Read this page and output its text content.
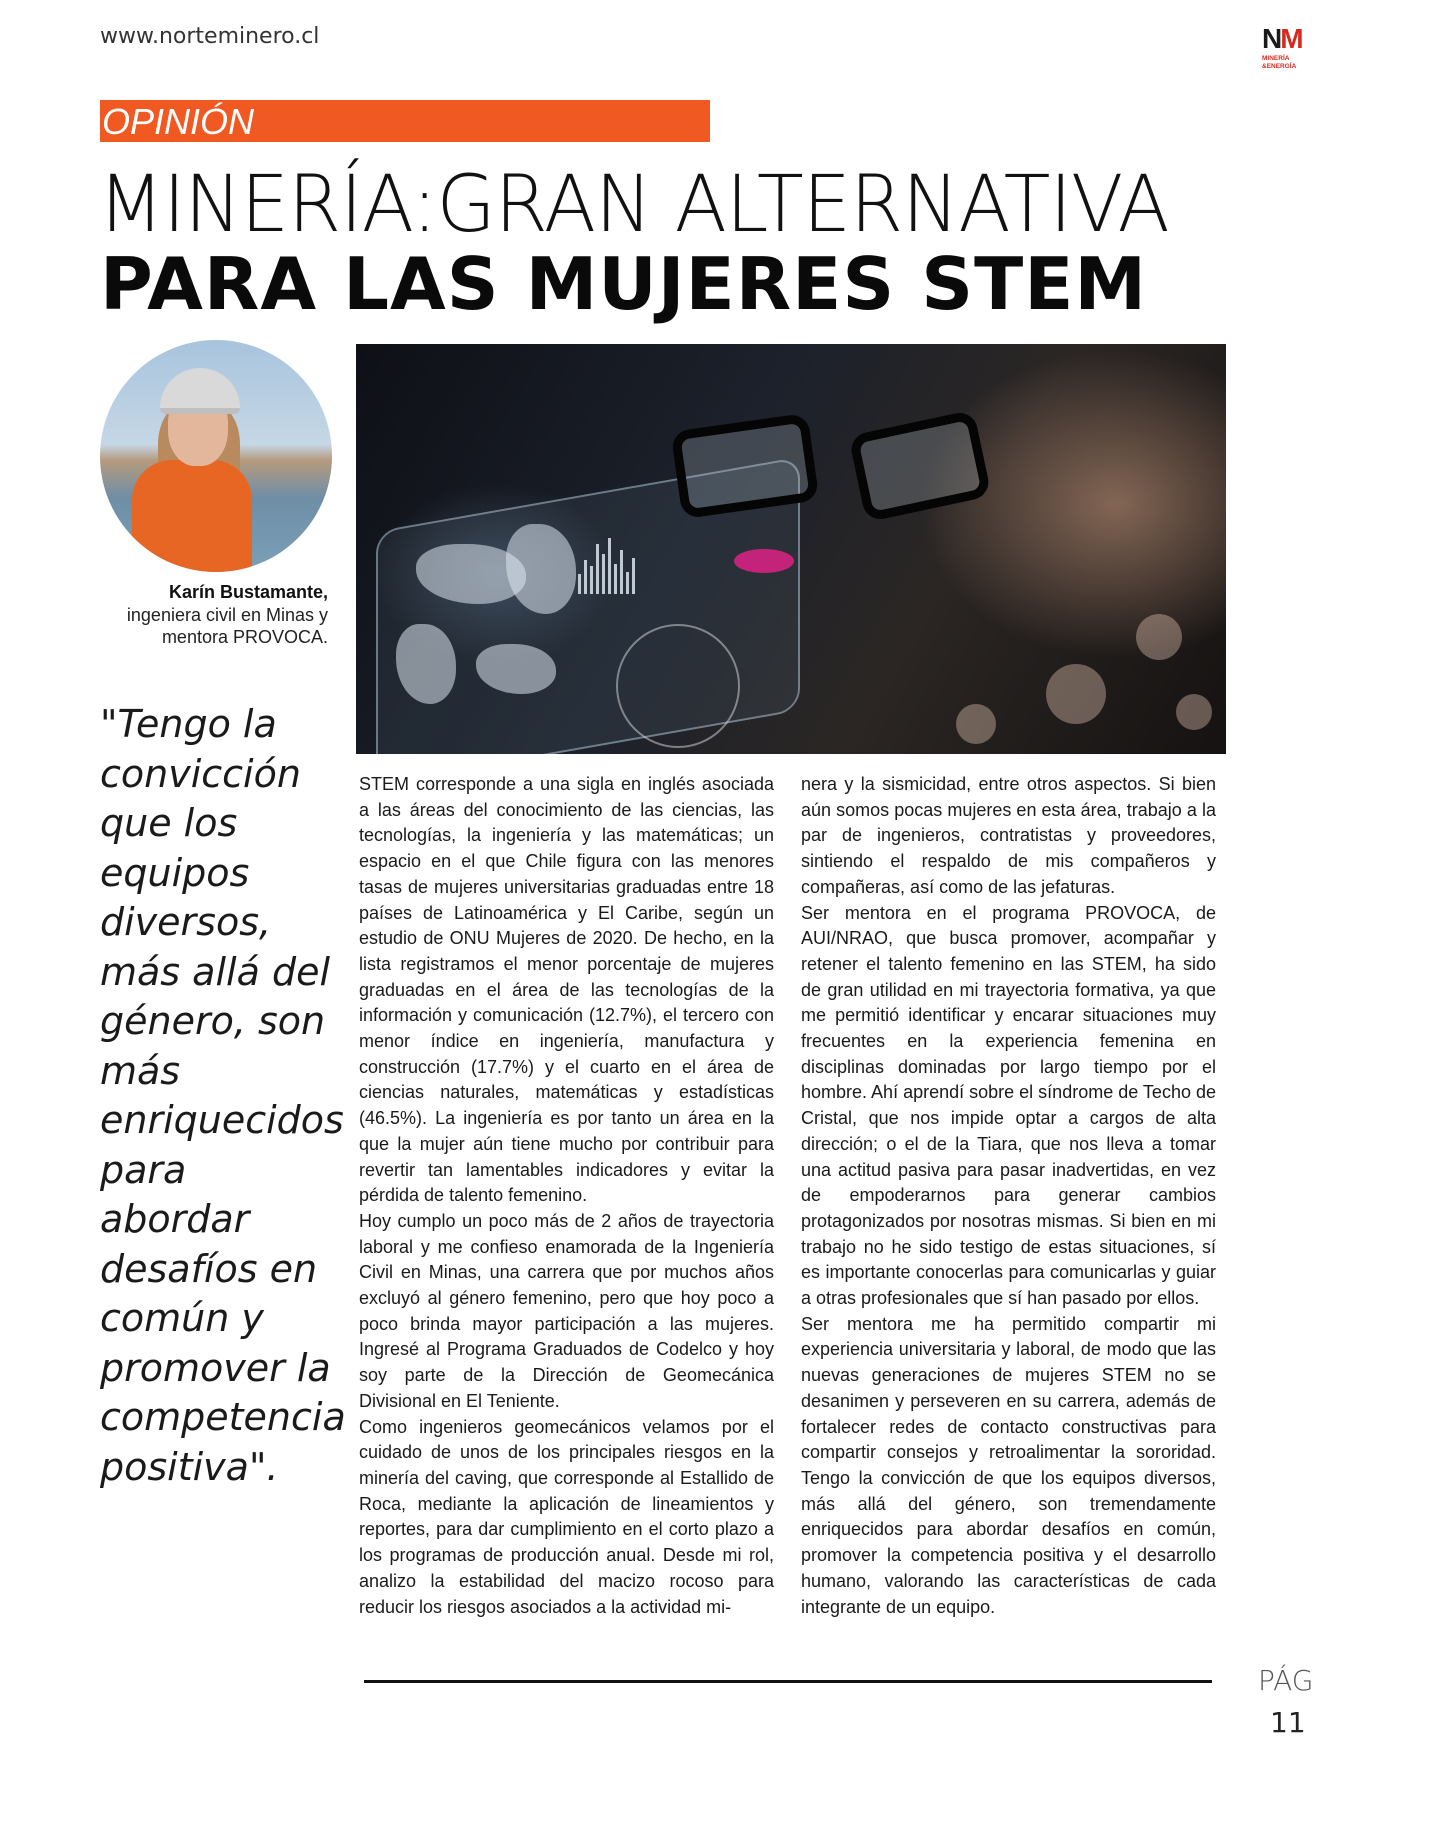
www.norteminero.cl	NM
MINERÍA
&ENERGÍA
OPINIÓN
MINERÍA:GRAN ALTERNATIVA
PARA LAS MUJERES STEM
Karín Bustamante,
ingeniera civil en Minas y
mentora PROVOCA.
"Tengo la convicción que los equipos diversos, más allá del género, son más enriquecidos para abordar desafíos en común y promover la competencia positiva".

STEM corresponde a una sigla en inglés asociada a las áreas del conocimiento de las ciencias, las tecnologías, la ingeniería y las matemáticas; un espacio en el que Chile figura con las menores tasas de mujeres universitarias graduadas entre 18 países de Latinoamérica y El Caribe, según un estudio de ONU Mujeres de 2020. De hecho, en la lista registramos el menor porcentaje de mujeres graduadas en el área de las tecnologías de la información y comunicación (12.7%), el tercero con menor índice en ingeniería, manufactura y construcción (17.7%) y el cuarto en el área de ciencias naturales, matemáticas y estadísticas (46.5%). La ingeniería es por tanto un área en la que la mujer aún tiene mucho por contribuir para revertir tan lamentables indicadores y evitar la pérdida de talento femenino.

Hoy cumplo un poco más de 2 años de trayectoria laboral y me confieso enamorada de la Ingeniería Civil en Minas, una carrera que por muchos años excluyó al género femenino, pero que hoy poco a poco brinda mayor participación a las mujeres. Ingresé al Programa Graduados de Codelco y hoy soy parte de la Dirección de Geomecánica Divisional en El Teniente.

Como ingenieros geomecánicos velamos por el cuidado de unos de los principales riesgos en la minería del caving, que corresponde al Estallido de Roca, mediante la aplicación de lineamientos y reportes, para dar cumplimiento en el corto plazo a los programas de producción anual. Desde mi rol, analizo la estabilidad del macizo rocoso para reducir los riesgos asociados a la actividad mi-

nera y la sismicidad, entre otros aspectos. Si bien aún somos pocas mujeres en esta área, trabajo a la par de ingenieros, contratistas y proveedores, sintiendo el respaldo de mis compañeros y compañeras, así como de las jefaturas.

Ser mentora en el programa PROVOCA, de AUI/NRAO, que busca promover, acompañar y retener el talento femenino en las STEM, ha sido de gran utilidad en mi trayectoria formativa, ya que me permitió identificar y encarar situaciones muy frecuentes en la experiencia femenina en disciplinas dominadas por largo tiempo por el hombre. Ahí aprendí sobre el síndrome de Techo de Cristal, que nos impide optar a cargos de alta dirección; o el de la Tiara, que nos lleva a tomar una actitud pasiva para pasar inadvertidas, en vez de empoderarnos para generar cambios protagonizados por nosotras mismas. Si bien en mi trabajo no he sido testigo de estas situaciones, sí es importante conocerlas para comunicarlas y guiar a otras profesionales que sí han pasado por ellos.

Ser mentora me ha permitido compartir mi experiencia universitaria y laboral, de modo que las nuevas generaciones de mujeres STEM no se desanimen y perseveren en su carrera, además de fortalecer redes de contacto constructivas para compartir consejos y retroalimentar la sororidad. Tengo la convicción de que los equipos diversos, más allá del género, son tremendamente enriquecidos para abordar desafíos en común, promover la competencia positiva y el desarrollo humano, valorando las características de cada integrante de un equipo.

PÁG
11
